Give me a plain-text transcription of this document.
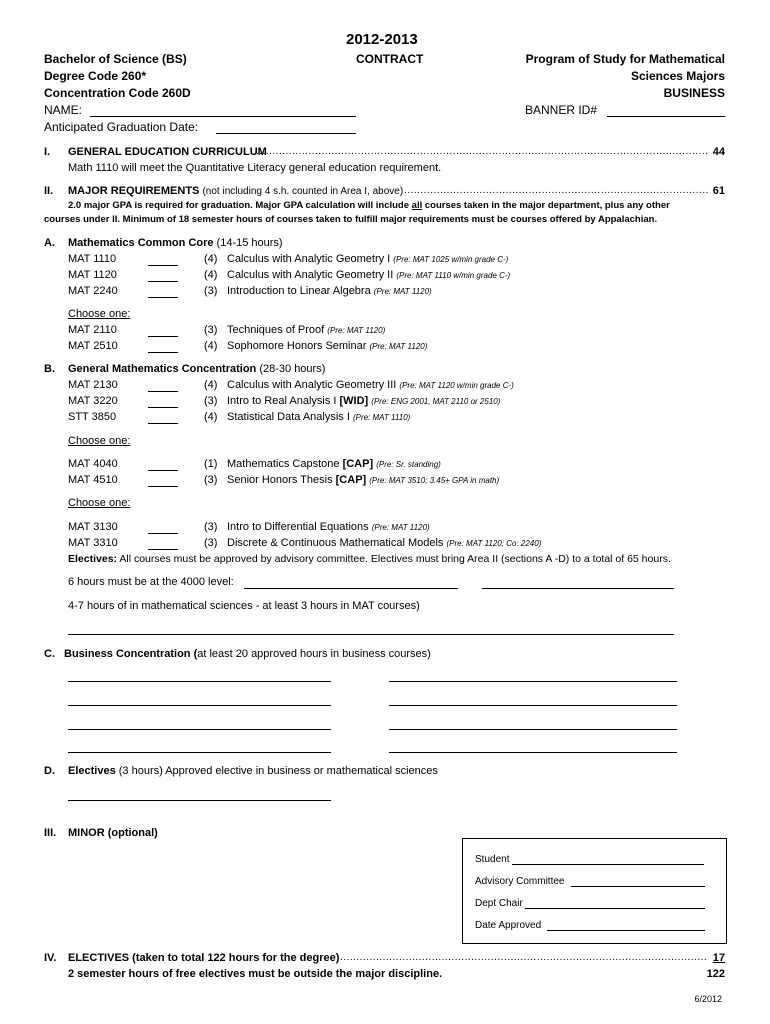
2012-2013
CONTRACT
Bachelor of Science (BS)
Degree Code 260*
Concentration Code 260D
NAME:
Anticipated Graduation Date:
Program of Study for Mathematical
Sciences Majors
BUSINESS
BANNER ID#
I. GENERAL EDUCATION CURRICULUM .....	44
Math 1110 will meet the Quantitative Literacy general education requirement.
II. MAJOR REQUIREMENTS (not including 4 s.h. counted in Area I, above) .....	61
2.0 major GPA is required for graduation. Major GPA calculation will include all courses taken in the major department, plus any other
courses under II. Minimum of 18 semester hours of courses taken to fulfill major requirements must be courses offered by Appalachian.
A. Mathematics Common Core (14-15 hours)
MAT 1110	(4) Calculus with Analytic Geometry I (Pre: MAT 1025 w/min grade C-)
MAT 1120	(4) Calculus with Analytic Geometry II (Pre: MAT 1110 w/min grade C-)
MAT 2240	(3) Introduction to Linear Algebra (Pre: MAT 1120)
Choose one:
MAT 2110	(3) Techniques of Proof (Pre: MAT 1120)
MAT 2510	(4) Sophomore Honors Seminar (Pre: MAT 1120)
B. General Mathematics Concentration (28-30 hours)
MAT 2130	(4) Calculus with Analytic Geometry III (Pre: MAT 1120 w/min grade C-)
MAT 3220	(3) Intro to Real Analysis I [WID] (Pre: ENG 2001, MAT 2110 or 2510)
STT 3850	(4) Statistical Data Analysis I (Pre: MAT 1110)
Choose one:
MAT 4040	(1) Mathematics Capstone [CAP] (Pre: Sr. standing)
MAT 4510	(3) Senior Honors Thesis [CAP] (Pre: MAT 3510; 3.45+ GPA in math)
Choose one:
MAT 3130	(3) Intro to Differential Equations (Pre: MAT 1120)
MAT 3310	(3) Discrete & Continuous Mathematical Models (Pre: MAT 1120; Co: 2240)
Electives: All courses must be approved by advisory committee. Electives must bring Area II (sections A -D) to a total of 65 hours.
6 hours must be at the 4000 level:
4-7 hours of in mathematical sciences - at least 3 hours in MAT courses)
C. Business Concentration (at least 20 approved hours in business courses)
D. Electives (3 hours) Approved elective in business or mathematical sciences
III. MINOR (optional)
Student
Advisory Committee
Dept Chair
Date Approved
IV. ELECTIVES (taken to total 122 hours for the degree) .....	17
2 semester hours of free electives must be outside the major discipline.	122
6/2012
